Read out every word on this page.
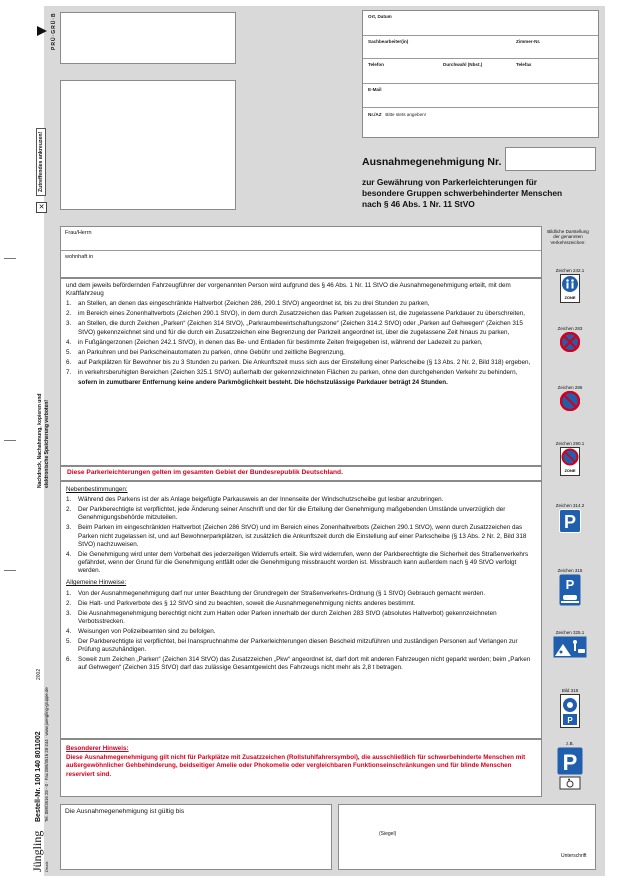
PRÜ·GRÜ·B
Zutreffendes ankreuzen!
✕
Nachdruck, Nachahmung, kopieren und elektronische Speicherung verboten!
2002
Bestell-Nr. 100 140 8011002 Tel. 089/3516 28 - 0 · Fax 089/3516 28-244 · www.juengling-gruppe.de
Jüngling Druck
Ort, Datum
Sachbearbeiter(in)	Zimmer-Nr.
Telefon	Durchwahl (Nbst.)	Telefax
E-Mail
Nr./AZ Bitte stets angeben!
Ausnahmegenehmigung Nr.
zur Gewährung von Parkerleichterungen für
besondere Gruppen schwerbehinderter Menschen
nach § 46 Abs. 1 Nr. 11 StVO
Frau/Herrn
wohnhaft in
Bildliche Darstellung der genannten Verkehrszeichen:

und dem jeweils befördernden Fahrzeugführer der vorgenannten Person wird aufgrund des § 46 Abs. 1 Nr. 11 StVO die Ausnahmegenehmigung erteilt, mit dem Kraftfahrzeug

1. an Stellen, an denen das eingeschränkte Haltverbot (Zeichen 286, 290.1 StVO) angeordnet ist, bis zu drei Stunden zu parken,
2. im Bereich eines Zonenhaltverbots (Zeichen 290.1 StVO), in dem durch Zusatzzeichen das Parken zugelassen ist, die zugelassene Parkdauer zu überschreiten,
3. an Stellen, die durch Zeichen „Parken“ (Zeichen 314 StVO), „Parkraumbewirtschaftungszone“ (Zeichen 314.2 StVO) oder „Parken auf Gehwegen“ (Zeichen 315 StVO) gekennzeichnet sind und für die durch ein Zusatzzeichen eine Begrenzung der Parkzeit angeordnet ist, über die zugelassene Zeit hinaus zu parken,
4. in Fußgängerzonen (Zeichen 242.1 StVO), in denen das Be- und Entladen für bestimmte Zeiten freigegeben ist, während der Ladezeit zu parken,
5. an Parkuhren und bei Parkscheinautomaten zu parken, ohne Gebühr und zeitliche Begrenzung,
6. auf Parkplätzen für Bewohner bis zu 3 Stunden zu parken. Die Ankunftszeit muss sich aus der Einstellung einer Parkscheibe (§ 13 Abs. 2 Nr. 2, Bild 318) ergeben,
7. in verkehrsberuhigten Bereichen (Zeichen 325.1 StVO) außerhalb der gekennzeichneten Flächen zu parken, ohne den durchgehenden Verkehr zu behindern,

sofern in zumutbarer Entfernung keine andere Parkmöglichkeit besteht. Die höchstzulässige Parkdauer beträgt 24 Stunden.

Diese Parkerleichterungen gelten im gesamten Gebiet der Bundesrepublik Deutschland.

Nebenbestimmungen:

1. Während des Parkens ist der als Anlage beigefügte Parkausweis an der Innenseite der Windschutzscheibe gut lesbar anzubringen.
2. Der Parkberechtigte ist verpflichtet, jede Änderung seiner Anschrift und der für die Erteilung der Genehmigung maßgebenden Umstände unverzüglich der Genehmigungsbehörde mitzuteilen.
3. Beim Parken im eingeschränkten Haltverbot (Zeichen 286 StVO) und im Bereich eines Zonenhaltverbots (Zeichen 290.1 StVO), wenn durch Zusatzzeichen das Parken nicht zugelassen ist, und auf Bewohnerparkplätzen, ist zusätzlich die Ankunftszeit durch die Einstellung auf einer Parkscheibe (§ 13 Abs. 2 Nr. 2, Bild 318 StVO) nachzuweisen.
4. Die Genehmigung wird unter dem Vorbehalt des jederzeitigen Widerrufs erteilt. Sie wird widerrufen, wenn der Parkberechtigte die Sicherheit des Straßenverkehrs gefährdet, wenn der Grund für die Genehmigung entfällt oder die Genehmigung missbraucht worden ist. Missbrauch kann außerdem nach § 49 StVO verfolgt werden.

Allgemeine Hinweise:

1. Von der Ausnahmegenehmigung darf nur unter Beachtung der Grundregeln der Straßenverkehrs-Ordnung (§ 1 StVO) Gebrauch gemacht werden.
2. Die Halt- und Parkverbote des § 12 StVO sind zu beachten, soweit die Ausnahmegenehmigung nichts anderes bestimmt.
3. Die Ausnahmegenehmigung berechtigt nicht zum Halten oder Parken innerhalb der durch Zeichen 283 StVO (absolutes Haltverbot) gekennzeichneten Verbotsstrecken.
4. Weisungen von Polizeibeamten sind zu befolgen.
5. Der Parkberechtigte ist verpflichtet, bei Inanspruchnahme der Parkerleichterungen diesen Bescheid mitzuführen und zuständigen Personen auf Verlangen zur Prüfung auszuhändigen.
6. Soweit zum Zeichen „Parken“ (Zeichen 314 StVO) das Zusatzzeichen „Pkw“ angeordnet ist, darf dort mit anderen Fahrzeugen nicht geparkt werden; beim „Parken auf Gehwegen“ (Zeichen 315 StVO) darf das zulässige Gesamtgewicht des Fahrzeugs nicht mehr als 2,8 t betragen.

Besonderer Hinweis:

Diese Ausnahmegenehmigung gilt nicht für Parkplätze mit Zusatzzeichen (Rollstuhlfahrersymbol), die ausschließlich für schwerbehinderte Menschen mit außergewöhnlicher Gehbehinderung, beidseitiger Amelie oder Phokomelie oder vergleichbaren Funktionseinschränkungen und für blinde Menschen reserviert sind.

Die Ausnahmegenehmigung ist gültig bis
(Siegel)
Unterschrift
Zeichen 242.1
ZONE
Zeichen 283
Zeichen 286
Zeichen 290.1
ZONE
Zeichen 314.2
P
Zeichen 315
P
Zeichen 325.1
Bild 318
P
z.B.
P
